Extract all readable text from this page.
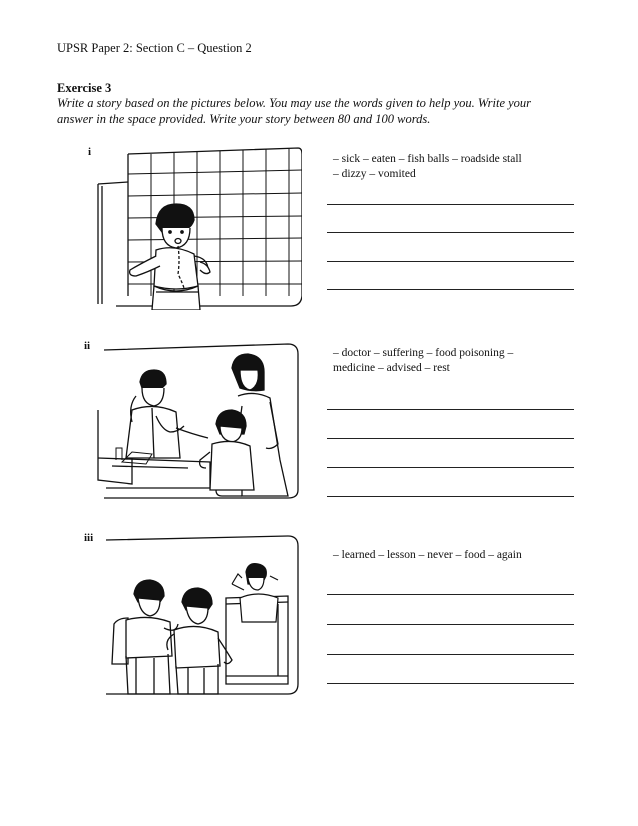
UPSR Paper 2: Section C – Question 2
Exercise 3
Write a story based on the pictures below. You may use the words given to help you. Write your
answer in the space provided. Write your story between 80 and 100 words.
i
– sick – eaten – fish balls – roadside stall
– dizzy – vomited
ii
– doctor – suffering – food poisoning –
medicine – advised – rest
iii
– learned – lesson – never – food – again
